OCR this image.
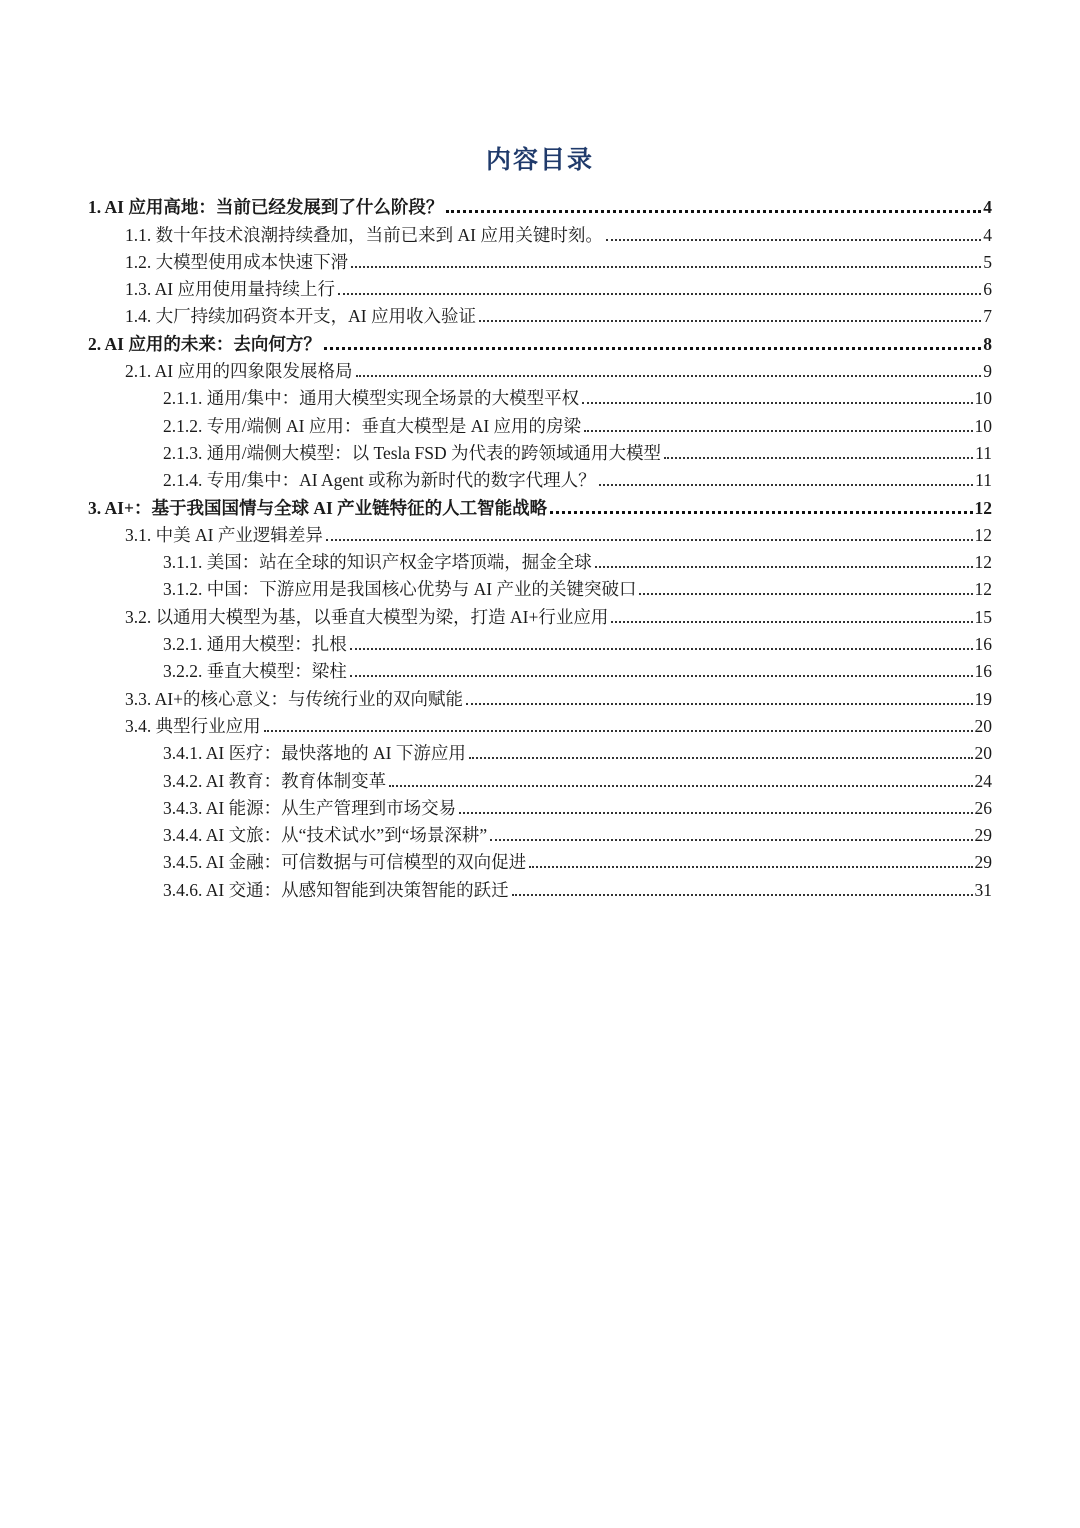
内容目录
1. AI 应用高地：当前已经发展到了什么阶段？	4
1.1. 数十年技术浪潮持续叠加，当前已来到 AI 应用关键时刻。	4
1.2. 大模型使用成本快速下滑	5
1.3. AI 应用使用量持续上行	6
1.4. 大厂持续加码资本开支，AI 应用收入验证	7
2. AI 应用的未来：去向何方？	8
2.1. AI 应用的四象限发展格局	9
2.1.1. 通用/集中：通用大模型实现全场景的大模型平权	10
2.1.2. 专用/端侧 AI 应用：垂直大模型是 AI 应用的房梁	10
2.1.3. 通用/端侧大模型：以 Tesla FSD 为代表的跨领域通用大模型	11
2.1.4. 专用/集中：AI Agent 或称为新时代的数字代理人？	11
3. AI+：基于我国国情与全球 AI 产业链特征的人工智能战略	12
3.1. 中美 AI 产业逻辑差异	12
3.1.1. 美国：站在全球的知识产权金字塔顶端，掘金全球	12
3.1.2. 中国：下游应用是我国核心优势与 AI 产业的关键突破口	12
3.2. 以通用大模型为基，以垂直大模型为梁，打造 AI+行业应用	15
3.2.1. 通用大模型：扎根	16
3.2.2. 垂直大模型：梁柱	16
3.3. AI+的核心意义：与传统行业的双向赋能	19
3.4. 典型行业应用	20
3.4.1. AI 医疗：最快落地的 AI 下游应用	20
3.4.2. AI 教育：教育体制变革	24
3.4.3. AI 能源：从生产管理到市场交易	26
3.4.4. AI 文旅：从“技术试水”到“场景深耕”	29
3.4.5. AI 金融：可信数据与可信模型的双向促进	29
3.4.6. AI 交通：从感知智能到决策智能的跃迁	31
